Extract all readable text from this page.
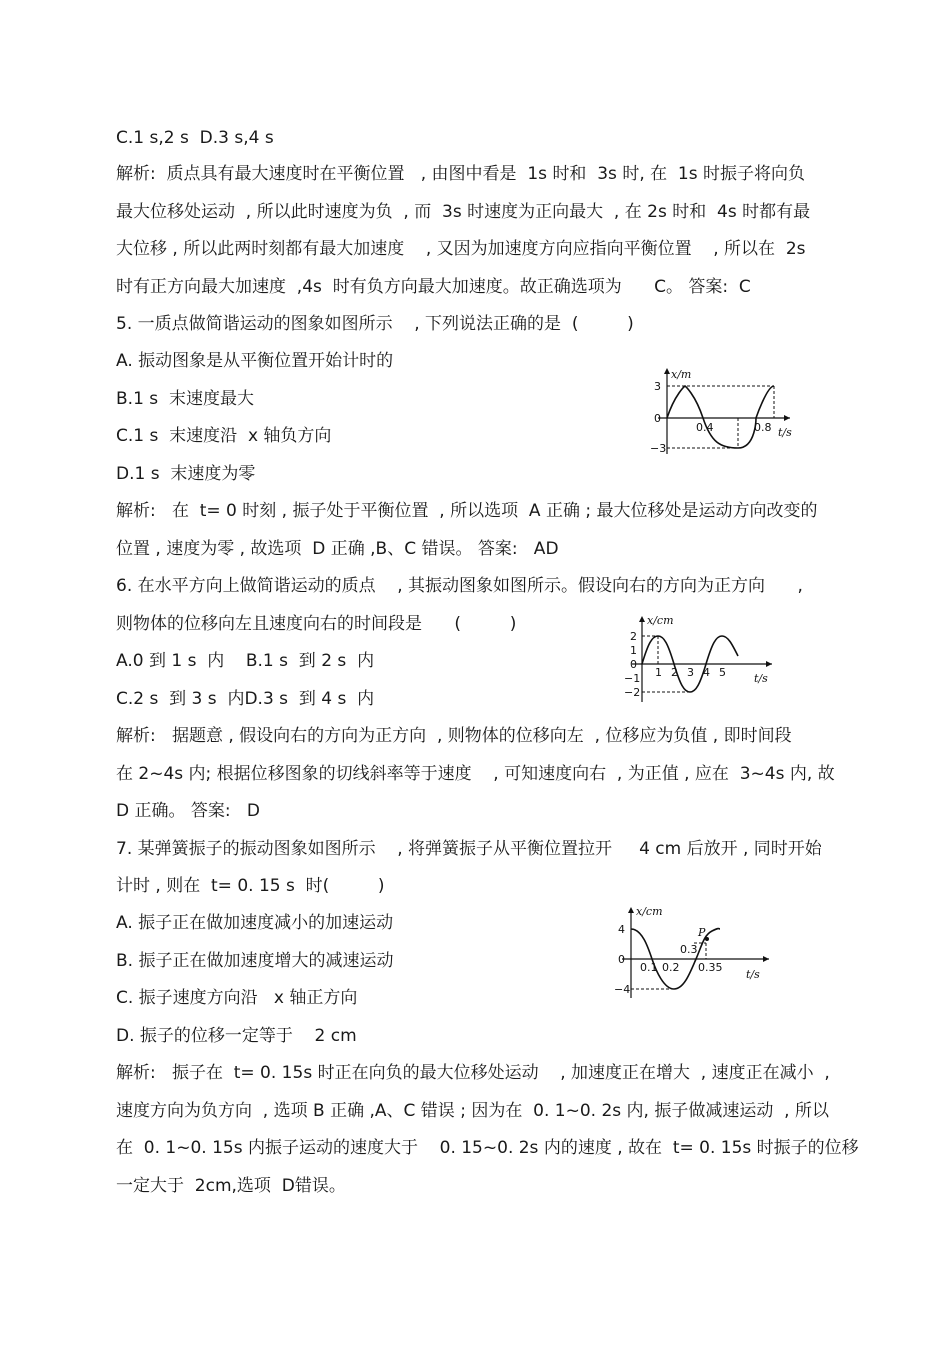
C.1 s,2 s  D.3 s,4 s
解析:  质点具有最大速度时在平衡位置   , 由图中看是  1s 时和  3s 时, 在  1s 时振子将向负
最大位移处运动  , 所以此时速度为负  , 而  3s 时速度为正向最大  , 在 2s 时和  4s 时都有最
大位移 , 所以此两时刻都有最大加速度    , 又因为加速度方向应指向平衡位置    , 所以在  2s
时有正方向最大加速度  ,4s  时有负方向最大加速度。故正确选项为      C。 答案:  C
5. 一质点做简谐运动的图象如图所示    , 下列说法正确的是  (         )
A. 振动图象是从平衡位置开始计时的
B.1 s  末速度最大
C.1 s  末速度沿  x 轴负方向
D.1 s  末速度为零
解析:   在  t= 0 时刻 , 振子处于平衡位置  , 所以选项  A 正确 ; 最大位移处是运动方向改变的
位置 , 速度为零 , 故选项  D 正确 ,B、C 错误。 答案:   AD
6. 在水平方向上做简谐运动的质点    , 其振动图象如图所示。假设向右的方向为正方向      ,
则物体的位移向左且速度向右的时间段是      (         )
A.0 到 1 s  内    B.1 s  到 2 s  内
C.2 s  到 3 s  内D.3 s  到 4 s  内
解析:   据题意 , 假设向右的方向为正方向  , 则物体的位移向左  , 位移应为负值 , 即时间段
在 2~4s 内; 根据位移图象的切线斜率等于速度    , 可知速度向右  , 为正值 , 应在  3~4s 内, 故
D 正确。 答案:   D
7. 某弹簧振子的振动图象如图所示    , 将弹簧振子从平衡位置拉开     4 cm 后放开 , 同时开始
计时 , 则在  t= 0. 15 s  时(         )
A. 振子正在做加速度减小的加速运动
B. 振子正在做加速度增大的减速运动
C. 振子速度方向沿   x 轴正方向
D. 振子的位移一定等于    2 cm
解析:   振子在  t= 0. 15s 时正在向负的最大位移处运动    , 加速度正在增大  , 速度正在减小  ,
速度方向为负方向  , 选项 B 正确 ,A、C 错误 ; 因为在  0. 1~0. 2s 内, 振子做减速运动  , 所以
在  0. 1~0. 15s 内振子运动的速度大于    0. 15~0. 2s 内的速度 , 故在  t= 0. 15s 时振子的位移
一定大于  2cm,选项  D错误。
x/m
3
0
−3
0.4	0.8 t/s
x/cm
2
1
0
−1
−2
1 2 3 4 5	t/s
x/cm
4
0
−4
0.1 0.2
0.3
0.35
P
t/s
